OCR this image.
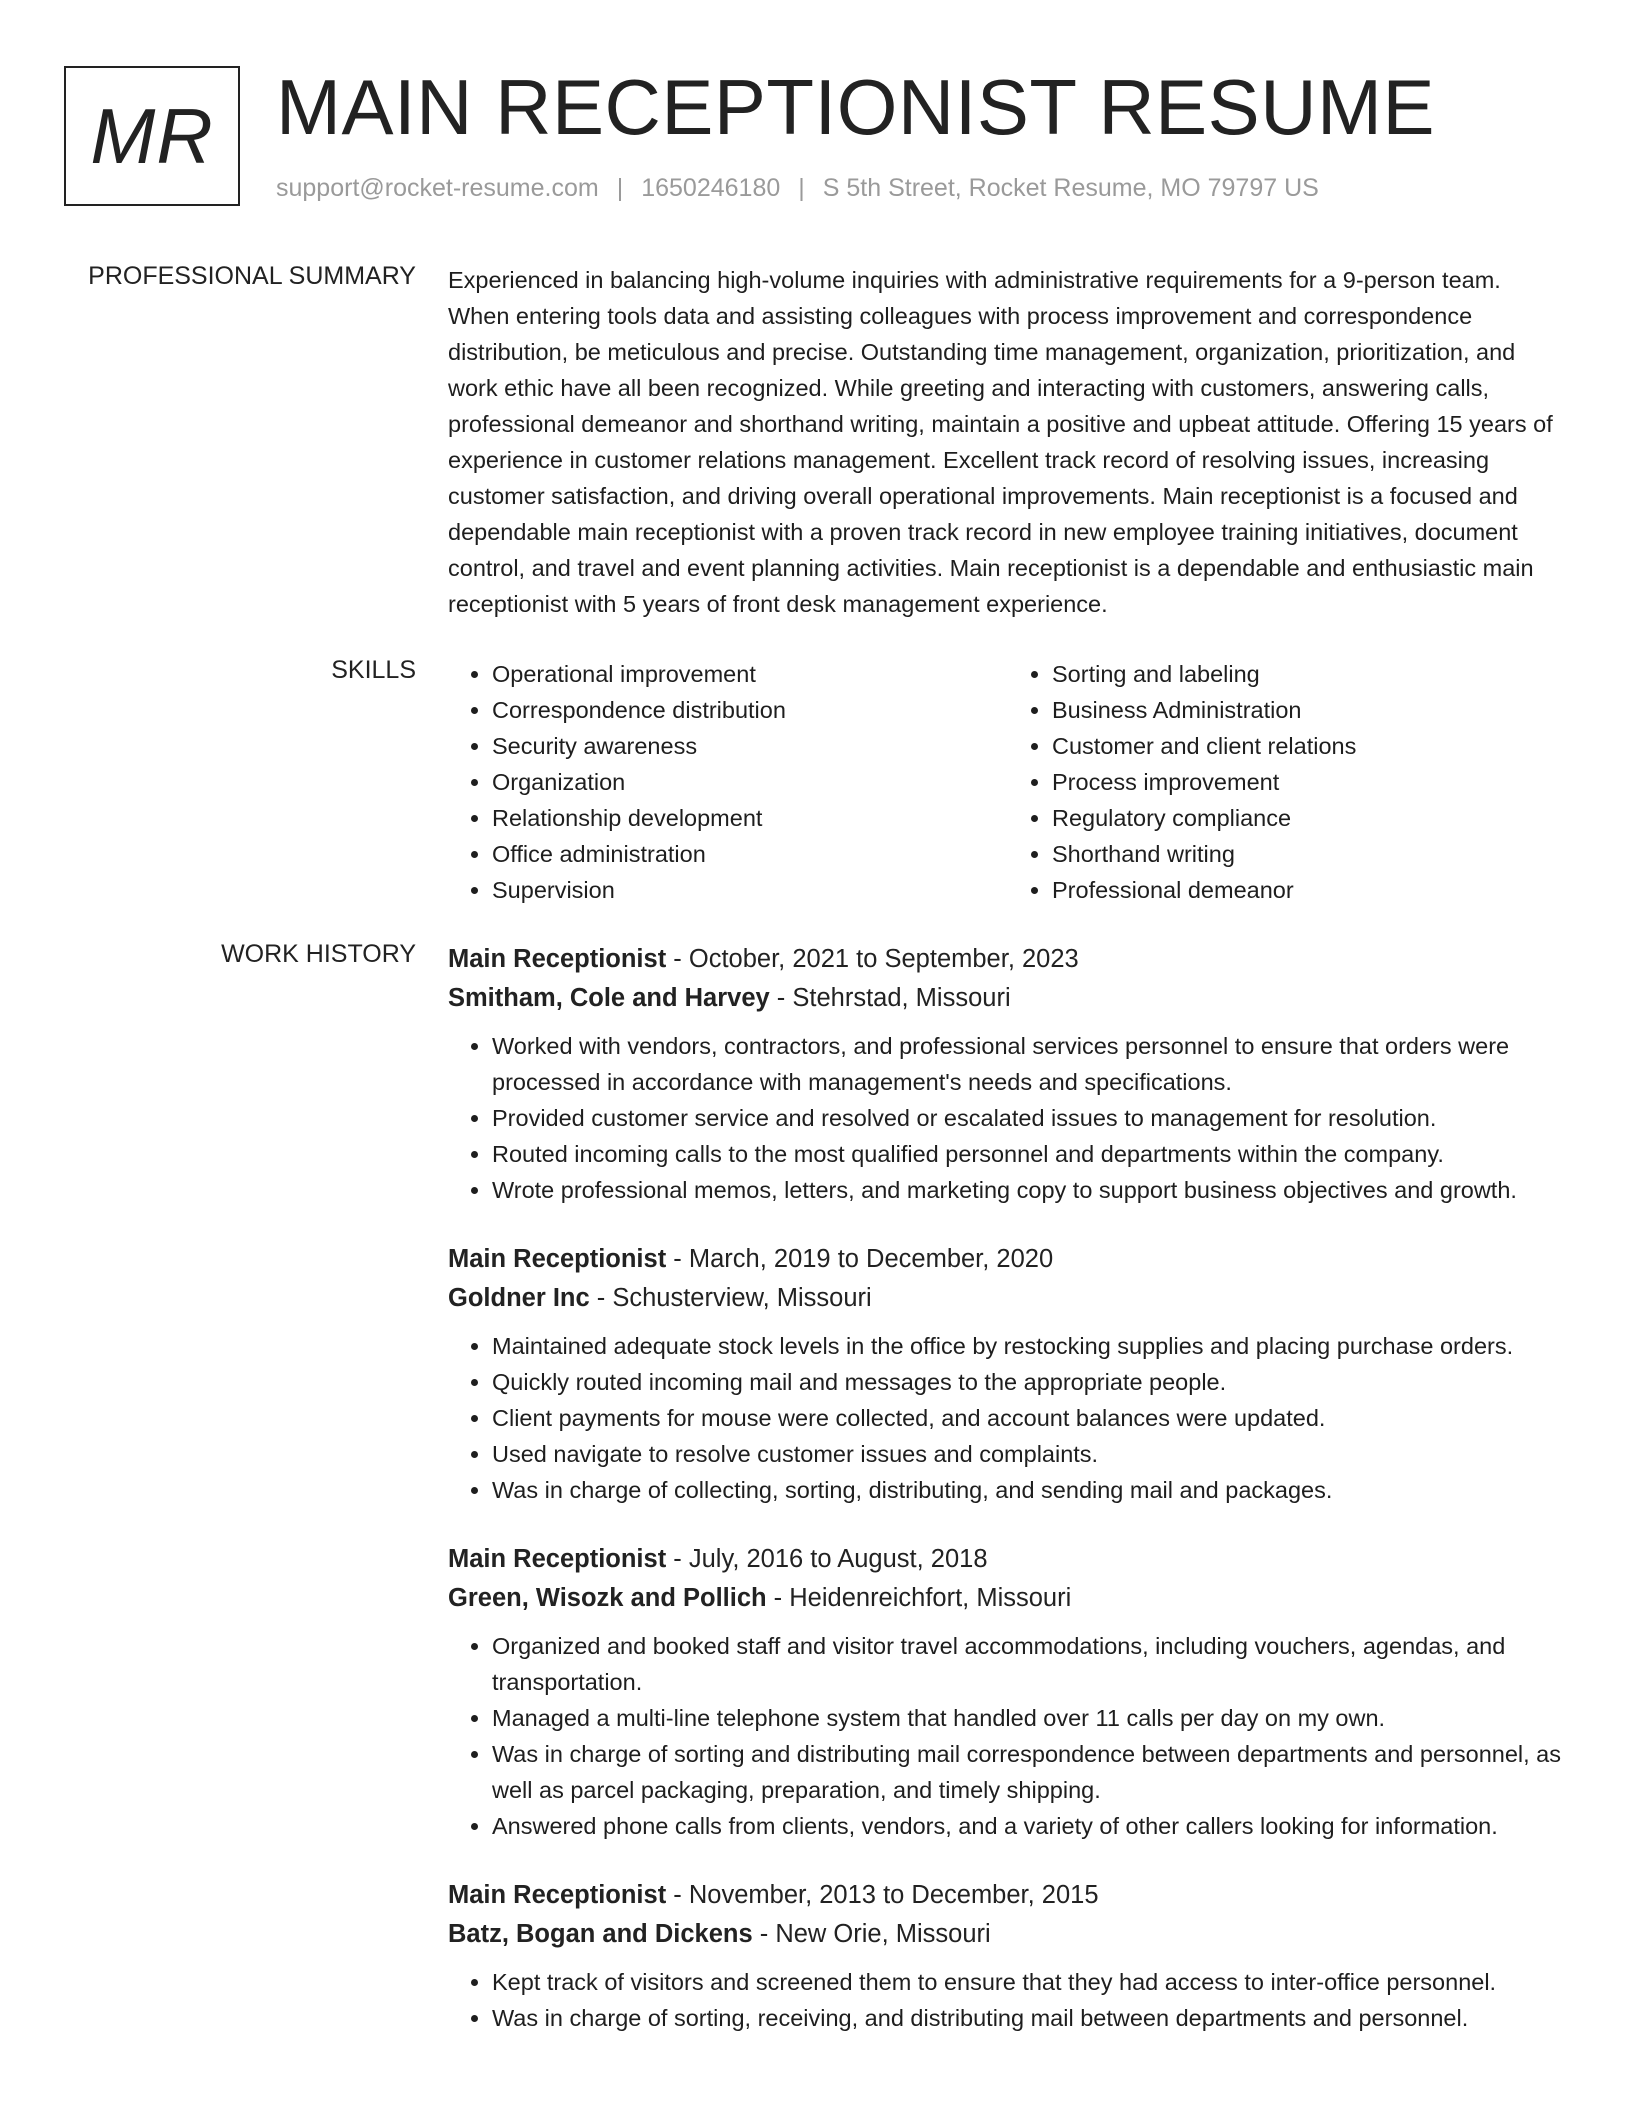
MR MAIN RECEPTIONIST RESUME
support@rocket-resume.com | 1650246180 | S 5th Street, Rocket Resume, MO 79797 US
PROFESSIONAL SUMMARY Experienced in balancing high-volume inquiries with administrative requirements for a 9-person team. When entering tools data and assisting colleagues with process improvement and correspondence distribution, be meticulous and precise. Outstanding time management, organization, prioritization, and work ethic have all been recognized. While greeting and interacting with customers, answering calls, professional demeanor and shorthand writing, maintain a positive and upbeat attitude. Offering 15 years of experience in customer relations management. Excellent track record of resolving issues, increasing customer satisfaction, and driving overall operational improvements. Main receptionist is a focused and dependable main receptionist with a proven track record in new employee training initiatives, document control, and travel and event planning activities. Main receptionist is a dependable and enthusiastic main receptionist with 5 years of front desk management experience.

SKILLS
•	Operational improvement
• Correspondence distribution
• Security awareness
• Organization
• Relationship development
• Office administration
• Supervision
• Sorting and labeling
• Business Administration
• Customer and client relations
• Process improvement
• Regulatory compliance
• Shorthand writing
• Professional demeanor
WORK HISTORY Main Receptionist - October, 2021 to September, 2023
Smitham, Cole and Harvey - Stehrstad, Missouri
• Worked with vendors, contractors, and professional services personnel to ensure that orders were processed in accordance with management's needs and specifications.
• Provided customer service and resolved or escalated issues to management for resolution.
• Routed incoming calls to the most qualified personnel and departments within the company.
• Wrote professional memos, letters, and marketing copy to support business objectives and growth.
Main Receptionist - March, 2019 to December, 2020
Goldner Inc - Schusterview, Missouri
• Maintained adequate stock levels in the office by restocking supplies and placing purchase orders.
• Quickly routed incoming mail and messages to the appropriate people.
• Client payments for mouse were collected, and account balances were updated.
• Used navigate to resolve customer issues and complaints.
• Was in charge of collecting, sorting, distributing, and sending mail and packages.
Main Receptionist - July, 2016 to August, 2018
Green, Wisozk and Pollich - Heidenreichfort, Missouri
• Organized and booked staff and visitor travel accommodations, including vouchers, agendas, and transportation.
• Managed a multi-line telephone system that handled over 11 calls per day on my own.
• Was in charge of sorting and distributing mail correspondence between departments and personnel, as well as parcel packaging, preparation, and timely shipping.
• Answered phone calls from clients, vendors, and a variety of other callers looking for information.
Main Receptionist - November, 2013 to December, 2015
Batz, Bogan and Dickens - New Orie, Missouri
• Kept track of visitors and screened them to ensure that they had access to inter-office personnel.
• Was in charge of sorting, receiving, and distributing mail between departments and personnel.
